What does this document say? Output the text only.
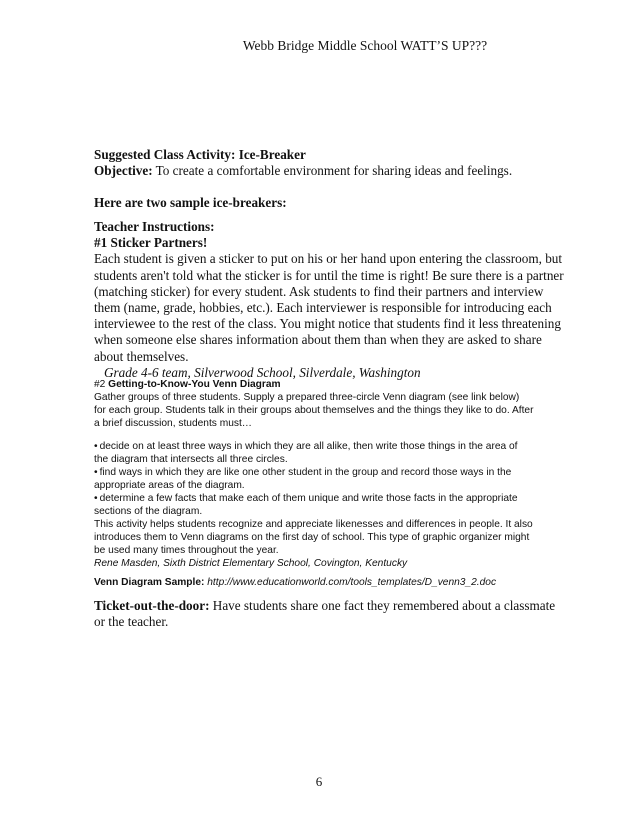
Webb Bridge Middle School WATT’S UP???

Suggested Class Activity: Ice-Breaker

Objective: To create a comfortable environment for sharing ideas and feelings.

Here are two sample ice-breakers:

Teacher Instructions:

#1 Sticker Partners!

Each student is given a sticker to put on his or her hand upon entering the classroom, but

students aren't told what the sticker is for until the time is right! Be sure there is a partner

(matching sticker) for every student. Ask students to find their partners and interview

them (name, grade, hobbies, etc.). Each interviewer is responsible for introducing each

interviewee to the rest of the class. You might notice that students find it less threatening

when someone else shares information about them than when they are asked to share

about themselves.

Grade 4-6 team, Silverwood School, Silverdale, Washington

#2 Getting-to-Know-You Venn Diagram

Gather groups of three students. Supply a prepared three-circle Venn diagram (see link below)

for each group. Students talk in their groups about themselves and the things they like to do. After

a brief discussion, students must…

• decide on at least three ways in which they are all alike, then write those things in the area of

the diagram that intersects all three circles.

• find ways in which they are like one other student in the group and record those ways in the

appropriate areas of the diagram.

• determine a few facts that make each of them unique and write those facts in the appropriate

sections of the diagram.

This activity helps students recognize and appreciate likenesses and differences in people. It also

introduces them to Venn diagrams on the first day of school. This type of graphic organizer might

be used many times throughout the year.

Rene Masden, Sixth District Elementary School, Covington, Kentucky

Venn Diagram Sample: http://www.educationworld.com/tools_templates/D_venn3_2.doc

Ticket-out-the-door: Have students share one fact they remembered about a classmate

or the teacher.

6
